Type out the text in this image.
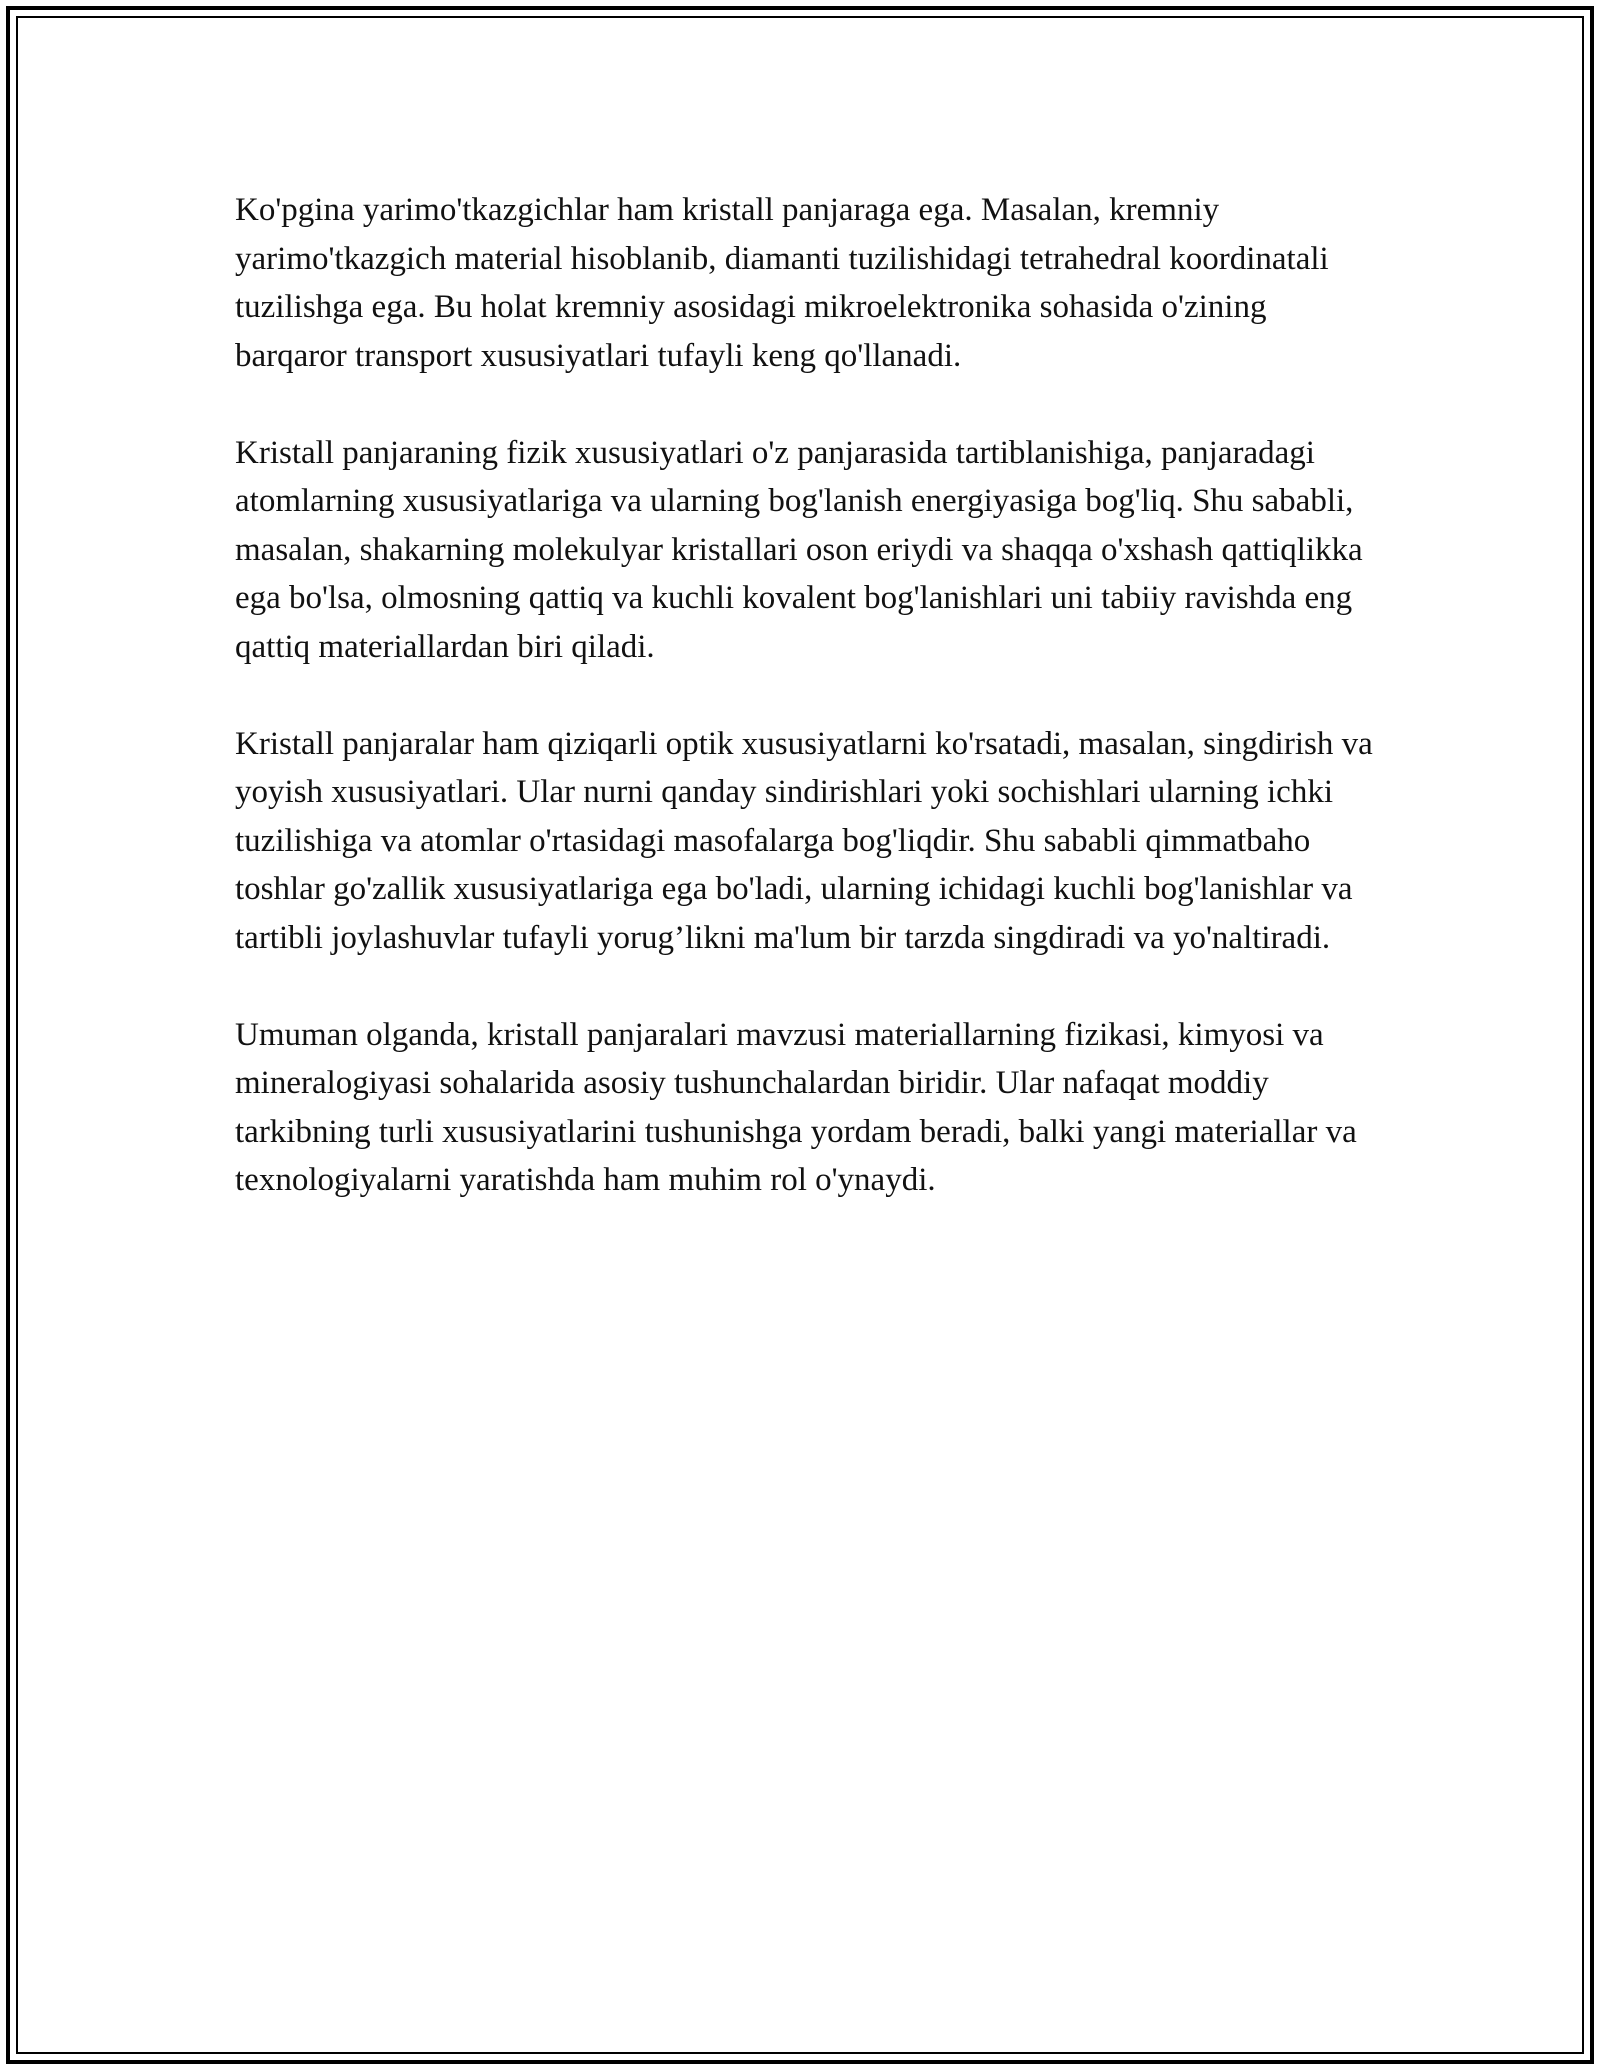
Ko'pgina yarimo'tkazgichlar ham kristall panjaraga ega. Masalan, kremniy yarimo'tkazgich material hisoblanib, diamanti tuzilishidagi tetrahedral koordinatali tuzilishga ega. Bu holat kremniy asosidagi mikroelektronika sohasida o'zining barqaror transport xususiyatlari tufayli keng qo'llanadi.

Kristall panjaraning fizik xususiyatlari o'z panjarasida tartiblanishiga, panjaradagi atomlarning xususiyatlariga va ularning bog'lanish energiyasiga bog'liq. Shu sababli, masalan, shakarning molekulyar kristallari oson eriydi va shaqqa o'xshash qattiqlikka ega bo'lsa, olmosning qattiq va kuchli kovalent bog'lanishlari uni tabiiy ravishda eng qattiq materiallardan biri qiladi.

Kristall panjaralar ham qiziqarli optik xususiyatlarni ko'rsatadi, masalan, singdirish va yoyish xususiyatlari. Ular nurni qanday sindirishlari yoki sochishlari ularning ichki tuzilishiga va atomlar o'rtasidagi masofalarga bog'liqdir. Shu sababli qimmatbaho toshlar go'zallik xususiyatlariga ega bo'ladi, ularning ichidagi kuchli bog'lanishlar va tartibli joylashuvlar tufayli yorug’likni ma'lum bir tarzda singdiradi va yo'naltiradi.

Umuman olganda, kristall panjaralari mavzusi materiallarning fizikasi, kimyosi va mineralogiyasi sohalarida asosiy tushunchalardan biridir. Ular nafaqat moddiy tarkibning turli xususiyatlarini tushunishga yordam beradi, balki yangi materiallar va texnologiyalarni yaratishda ham muhim rol o'ynaydi.
